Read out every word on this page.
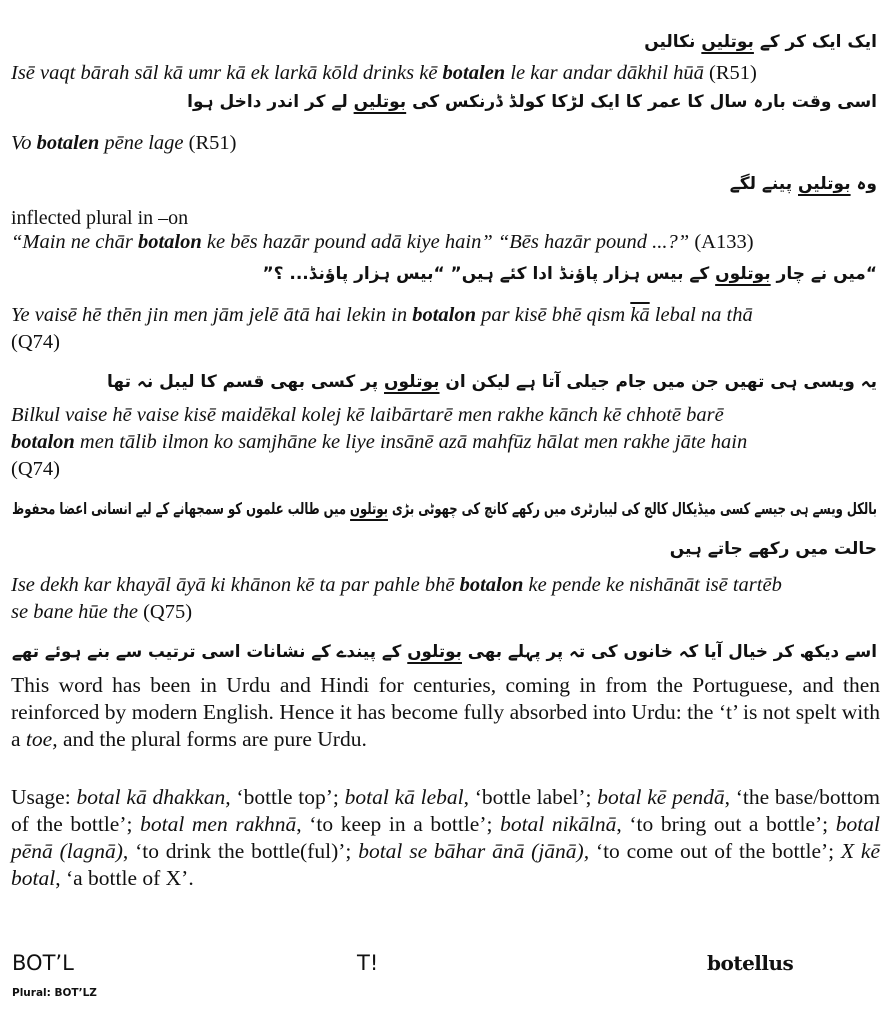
ایک ایک کر کے بوتلیں نکالیں
Isē vaqt bārah sāl kā umr kā ek larkā kōld drinks kē botalen le kar andar dākhil hūā (R51)
اسی وقت بارہ سال کا عمر کا ایک لڑکا کولڈ ڈرنکس کی بوتلیں لے کر اندر داخل ہوا
Vo botalen pēne lage (R51)
وہ بوتلیں پینے لگے
inflected plural in –on
“Main ne chār botalon ke bēs hazār pound adā kiye hain” “Bēs hazār pound ...?” (A133)
“میں نے چار بوتلوں کے بیس ہزار پاؤنڈ ادا کئے ہیں” “بیس ہزار پاؤنڈ... ؟”
Ye vaisē hē thēn jin men jām jelē ātā hai lekin in botalon par kisē bhē qism $\overline{kā}$ lebal na thā
(Q74)
یہ ویسی ہی تھیں جن میں جام جیلی آتا ہے لیکن ان بوتلوں پر کسی بھی قسم کا لیبل نہ تھا
Bilkul vaise hē vaise kisē maidēkal kolej kē laibārtarē men rakhe kānch kē chhotē barē
botalon men tālib ilmon ko samjhāne ke liye insānē azā mahfūz hālat men rakhe jāte hain
(Q74)
بالکل ویسے ہی جیسے کسی میڈیکال کالج کی لیبارٹری میں رکھے کانچ کی چھوٹی بڑی بوتلوں میں طالب علموں کو سمجھانے کے لیے انسانی اعضا محفوظ
حالت میں رکھے جاتے ہیں
Ise dekh kar khayāl āyā ki khānon kē ta par pahle bhē botalon ke pende ke nishānāt isē tartēb
se bane hūe the (Q75)
اسے دیکھ کر خیال آیا کہ خانوں کی تہ پر پہلے بھی بوتلوں کے پیندے کے نشانات اسی ترتیب سے بنے ہوئے تھے
This word has been in Urdu and Hindi for centuries, coming in from the Portuguese, and then reinforced by modern English. Hence it has become fully absorbed into Urdu: the ‘t’ is not spelt with a toe, and the plural forms are pure Urdu.
Usage: botal kā dhakkan, ‘bottle top’; botal kā lebal, ‘bottle label’; botal kē pendā, ‘the base/bottom of the bottle’; botal men rakhnā, ‘to keep in a bottle’; botal nikālnā, ‘to bring out a bottle’; botal pēnā (lagnā), ‘to drink the bottle(ful)’; botal se bāhar ānā (jānā), ‘to come out of the bottle’; X kē botal, ‘a bottle of X’.
BOT’L
Plural: BOT’LZ
T!	botellus
